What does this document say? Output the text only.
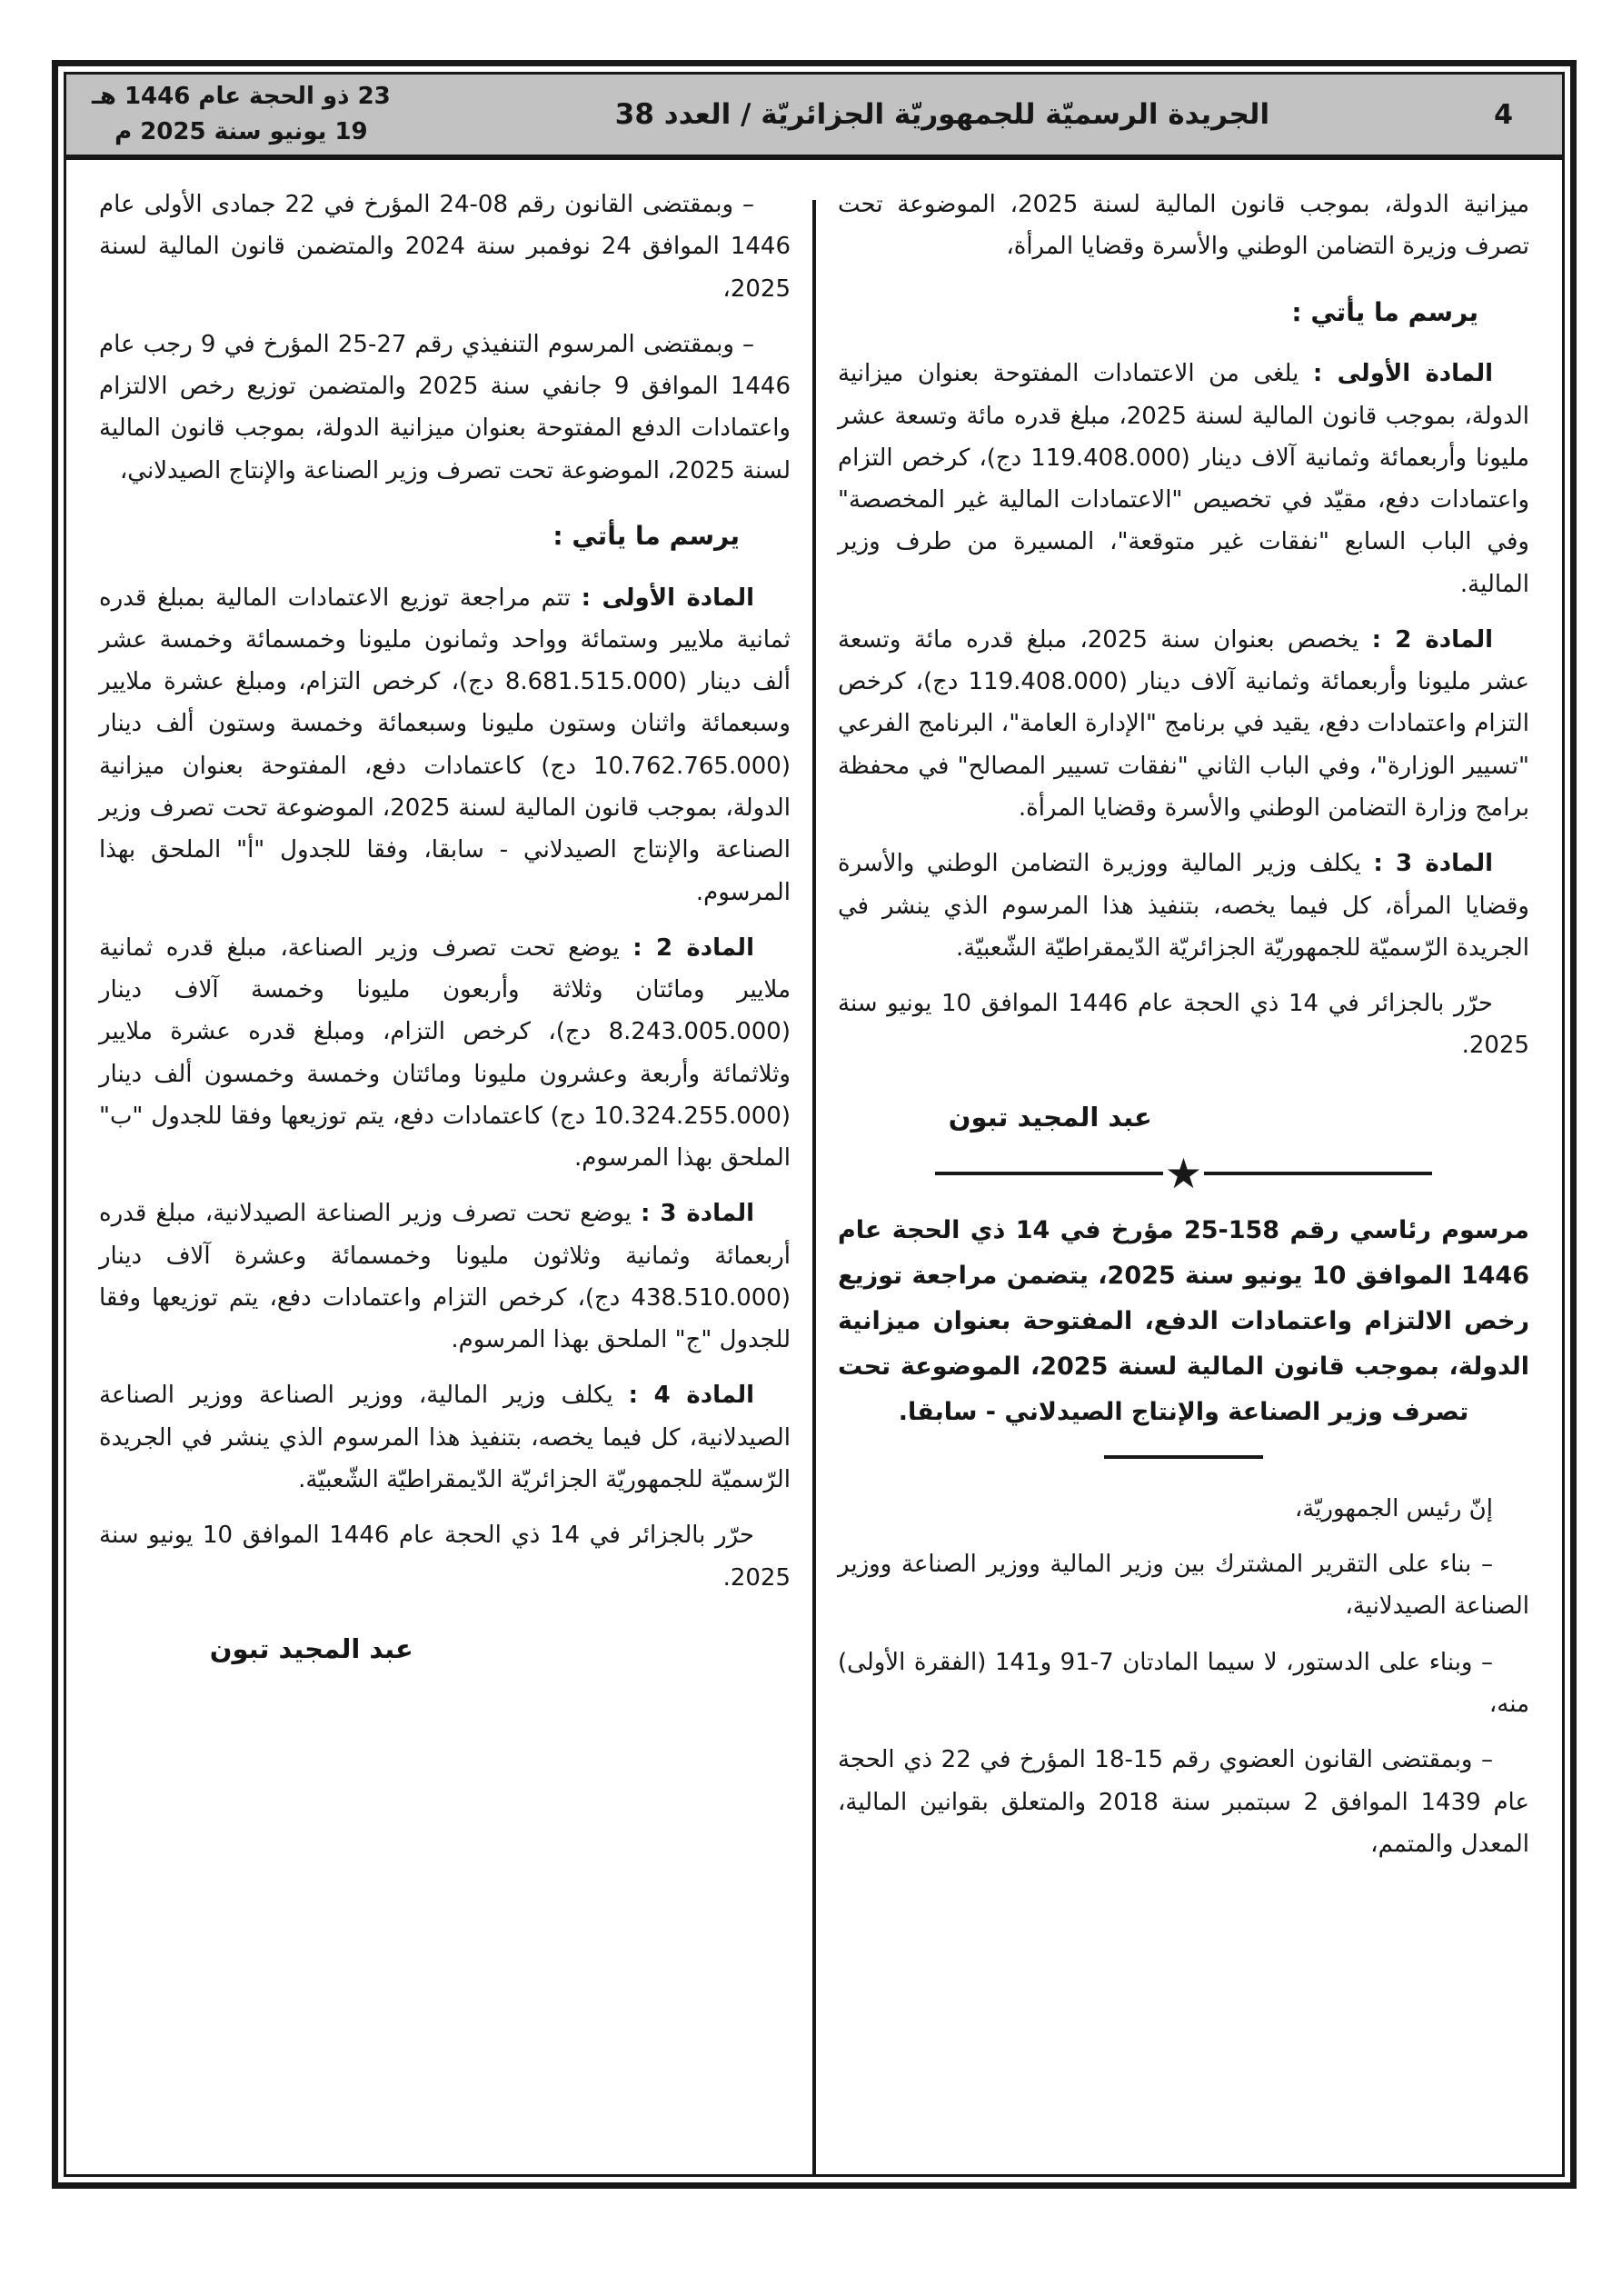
23 ذو الحجة عام 1446 هـ
19 يونيو سنة 2025 م
الجريدة الرسميّة للجمهوريّة الجزائريّة / العدد 38	4

ميزانية الدولة، بموجب قانون المالية لسنة 2025، الموضوعة تحت تصرف وزيرة التضامن الوطني والأسرة وقضايا المرأة،

يرسم ما يأتي :

المادة الأولى : يلغى من الاعتمادات المفتوحة بعنوان ميزانية الدولة، بموجب قانون المالية لسنة 2025، مبلغ قدره مائة وتسعة عشر مليونا وأربعمائة وثمانية آلاف دينار (119.408.000 دج)، كرخص التزام واعتمادات دفع، مقيّد في تخصيص "الاعتمادات المالية غير المخصصة" وفي الباب السابع "نفقات غير متوقعة"، المسيرة من طرف وزير المالية.

المادة 2 : يخصص بعنوان سنة 2025، مبلغ قدره مائة وتسعة عشر مليونا وأربعمائة وثمانية آلاف دينار (119.408.000 دج)، كرخص التزام واعتمادات دفع، يقيد في برنامج "الإدارة العامة"، البرنامج الفرعي "تسيير الوزارة"، وفي الباب الثاني "نفقات تسيير المصالح" في محفظة برامج وزارة التضامن الوطني والأسرة وقضايا المرأة.

المادة 3 : يكلف وزير المالية ووزيرة التضامن الوطني والأسرة وقضايا المرأة، كل فيما يخصه، بتنفيذ هذا المرسوم الذي ينشر في الجريدة الرّسميّة للجمهوريّة الجزائريّة الدّيمقراطيّة الشّعبيّة.

حرّر بالجزائر في 14 ذي الحجة عام 1446 الموافق 10 يونيو سنة 2025.

عبد المجيد تبون

★

مرسوم رئاسي رقم 158-25 مؤرخ في 14 ذي الحجة عام 1446 الموافق 10 يونيو سنة 2025، يتضمن مراجعة توزيع رخص الالتزام واعتمادات الدفع، المفتوحة بعنوان ميزانية الدولة، بموجب قانون المالية لسنة 2025، الموضوعة تحت تصرف وزير الصناعة والإنتاج الصيدلاني - سابقا.

إنّ رئيس الجمهوريّة،

– بناء على التقرير المشترك بين وزير المالية ووزير الصناعة ووزير الصناعة الصيدلانية،

– وبناء على الدستور، لا سيما المادتان 7-91 و141 (الفقرة الأولى) منه،

– وبمقتضى القانون العضوي رقم 15-18 المؤرخ في 22 ذي الحجة عام 1439 الموافق 2 سبتمبر سنة 2018 والمتعلق بقوانين المالية، المعدل والمتمم،

– وبمقتضى القانون رقم 08-24 المؤرخ في 22 جمادى الأولى عام 1446 الموافق 24 نوفمبر سنة 2024 والمتضمن قانون المالية لسنة 2025،

– وبمقتضى المرسوم التنفيذي رقم 27-25 المؤرخ في 9 رجب عام 1446 الموافق 9 جانفي سنة 2025 والمتضمن توزيع رخص الالتزام واعتمادات الدفع المفتوحة بعنوان ميزانية الدولة، بموجب قانون المالية لسنة 2025، الموضوعة تحت تصرف وزير الصناعة والإنتاج الصيدلاني،

يرسم ما يأتي :

المادة الأولى : تتم مراجعة توزيع الاعتمادات المالية بمبلغ قدره ثمانية ملايير وستمائة وواحد وثمانون مليونا وخمسمائة وخمسة عشر ألف دينار (8.681.515.000 دج)، كرخص التزام، ومبلغ عشرة ملايير وسبعمائة واثنان وستون مليونا وسبعمائة وخمسة وستون ألف دينار (10.762.765.000 دج) كاعتمادات دفع، المفتوحة بعنوان ميزانية الدولة، بموجب قانون المالية لسنة 2025، الموضوعة تحت تصرف وزير الصناعة والإنتاج الصيدلاني - سابقا، وفقا للجدول "أ" الملحق بهذا المرسوم.

المادة 2 : يوضع تحت تصرف وزير الصناعة، مبلغ قدره ثمانية ملايير ومائتان وثلاثة وأربعون مليونا وخمسة آلاف دينار (8.243.005.000 دج)، كرخص التزام، ومبلغ قدره عشرة ملايير وثلاثمائة وأربعة وعشرون مليونا ومائتان وخمسة وخمسون ألف دينار (10.324.255.000 دج) كاعتمادات دفع، يتم توزيعها وفقا للجدول "ب" الملحق بهذا المرسوم.

المادة 3 : يوضع تحت تصرف وزير الصناعة الصيدلانية، مبلغ قدره أربعمائة وثمانية وثلاثون مليونا وخمسمائة وعشرة آلاف دينار (438.510.000 دج)، كرخص التزام واعتمادات دفع، يتم توزيعها وفقا للجدول "ج" الملحق بهذا المرسوم.

المادة 4 : يكلف وزير المالية، ووزير الصناعة ووزير الصناعة الصيدلانية، كل فيما يخصه، بتنفيذ هذا المرسوم الذي ينشر في الجريدة الرّسميّة للجمهوريّة الجزائريّة الدّيمقراطيّة الشّعبيّة.

حرّر بالجزائر في 14 ذي الحجة عام 1446 الموافق 10 يونيو سنة 2025.

عبد المجيد تبون
